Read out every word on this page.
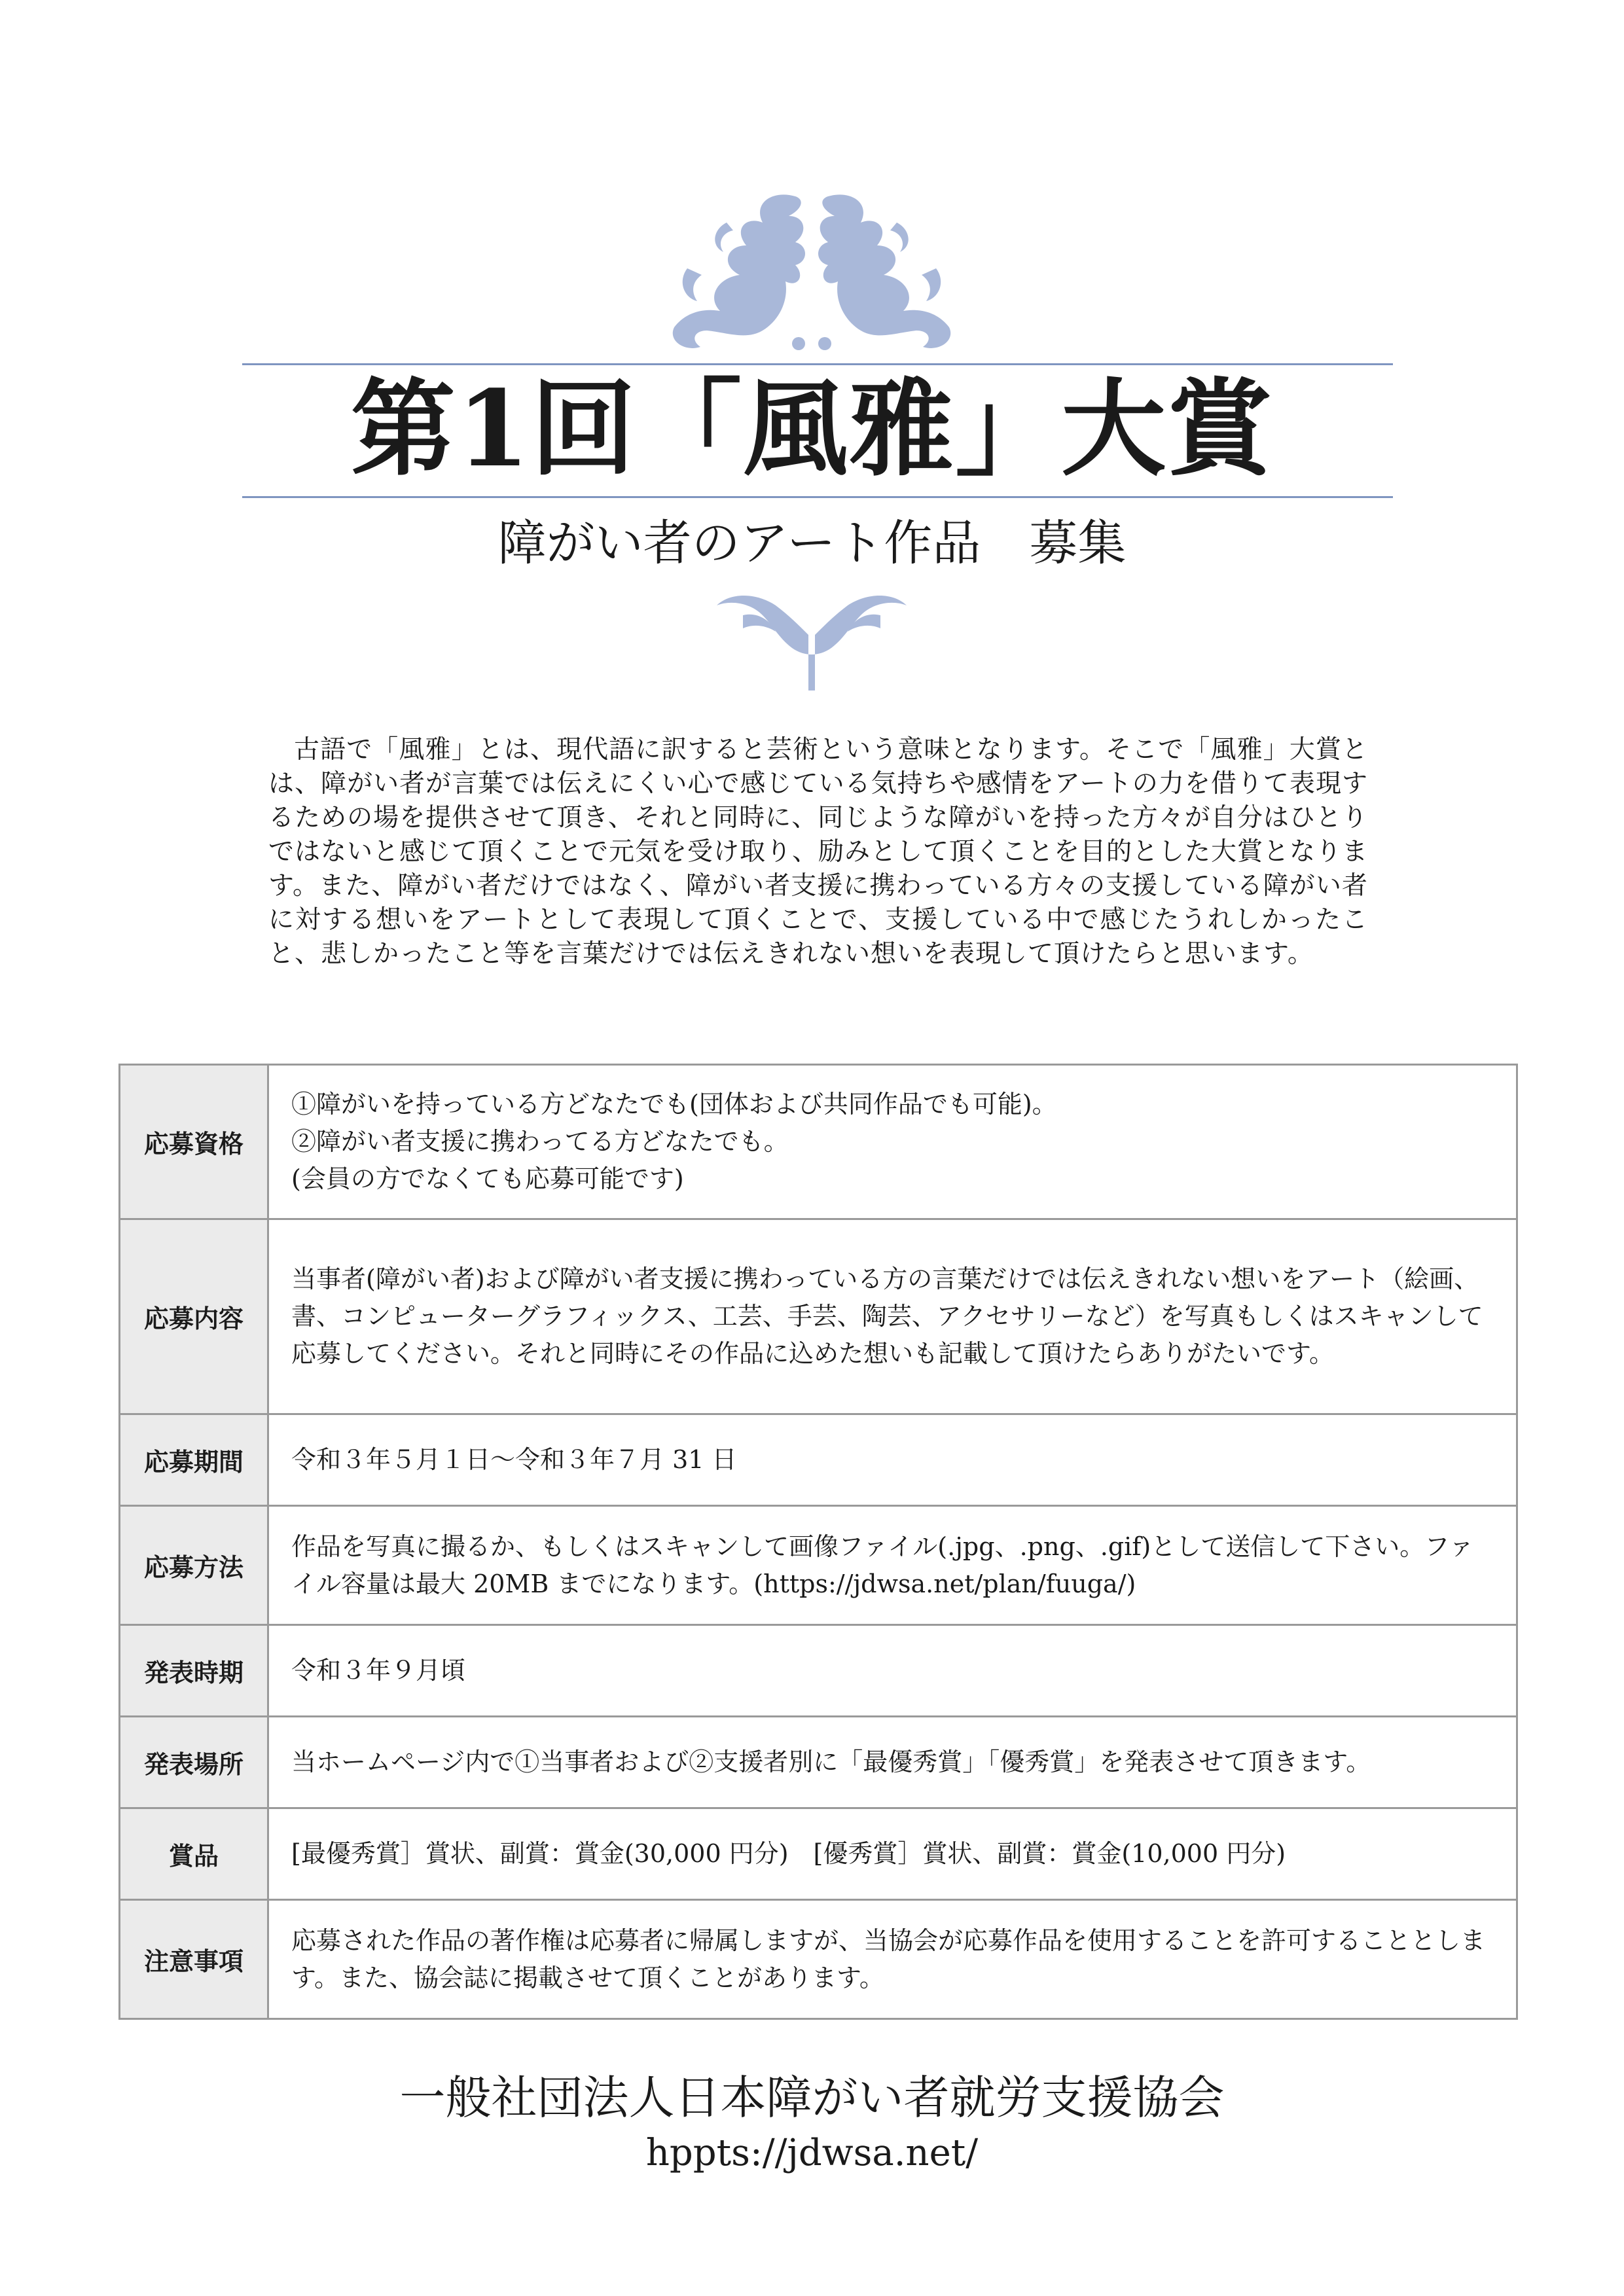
第1回「風雅」大賞
障がい者のアート作品　募集

古語で「風雅」とは、現代語に訳すると芸術という意味となります。そこで「風雅」大賞とは、障がい者が言葉では伝えにくい心で感じている気持ちや感情をアートの力を借りて表現するための場を提供させて頂き、それと同時に、同じような障がいを持った方々が自分はひとりではないと感じて頂くことで元気を受け取り、励みとして頂くことを目的とした大賞となります。また、障がい者だけではなく、障がい者支援に携わっている方々の支援している障がい者に対する想いをアートとして表現して頂くことで、支援している中で感じたうれしかったこと、悲しかったこと等を言葉だけでは伝えきれない想いを表現して頂けたらと思います。

応募資格	①障がいを持っている方どなたでも(団体および共同作品でも可能)。
②障がい者支援に携わってる方どなたでも。
(会員の方でなくても応募可能です)

応募内容	当事者(障がい者)および障がい者支援に携わっている方の言葉だけでは伝えきれない想いをアート（絵画、書、コンピューターグラフィックス、工芸、手芸、陶芸、アクセサリーなど）を写真もしくはスキャンして応募してください。それと同時にその作品に込めた想いも記載して頂けたらありがたいです。

応募期間	令和３年５月１日〜令和３年７月 31 日

応募方法	作品を写真に撮るか、もしくはスキャンして画像ファイル(.jpg、.png、.gif)として送信して下さい。ファイル容量は最大 20MB までになります。(https://jdwsa.net/plan/fuuga/)

発表時期	令和３年９月頃

発表場所	当ホームページ内で①当事者および②支援者別に「最優秀賞」「優秀賞」を発表させて頂きます。

賞品	[最優秀賞］賞状、副賞：賞金(30,000 円分)　[優秀賞］賞状、副賞：賞金(10,000 円分)

注意事項	応募された作品の著作権は応募者に帰属しますが、当協会が応募作品を使用することを許可することとします。また、協会誌に掲載させて頂くことがあります。
一般社団法人日本障がい者就労支援協会
hppts://jdwsa.net/
